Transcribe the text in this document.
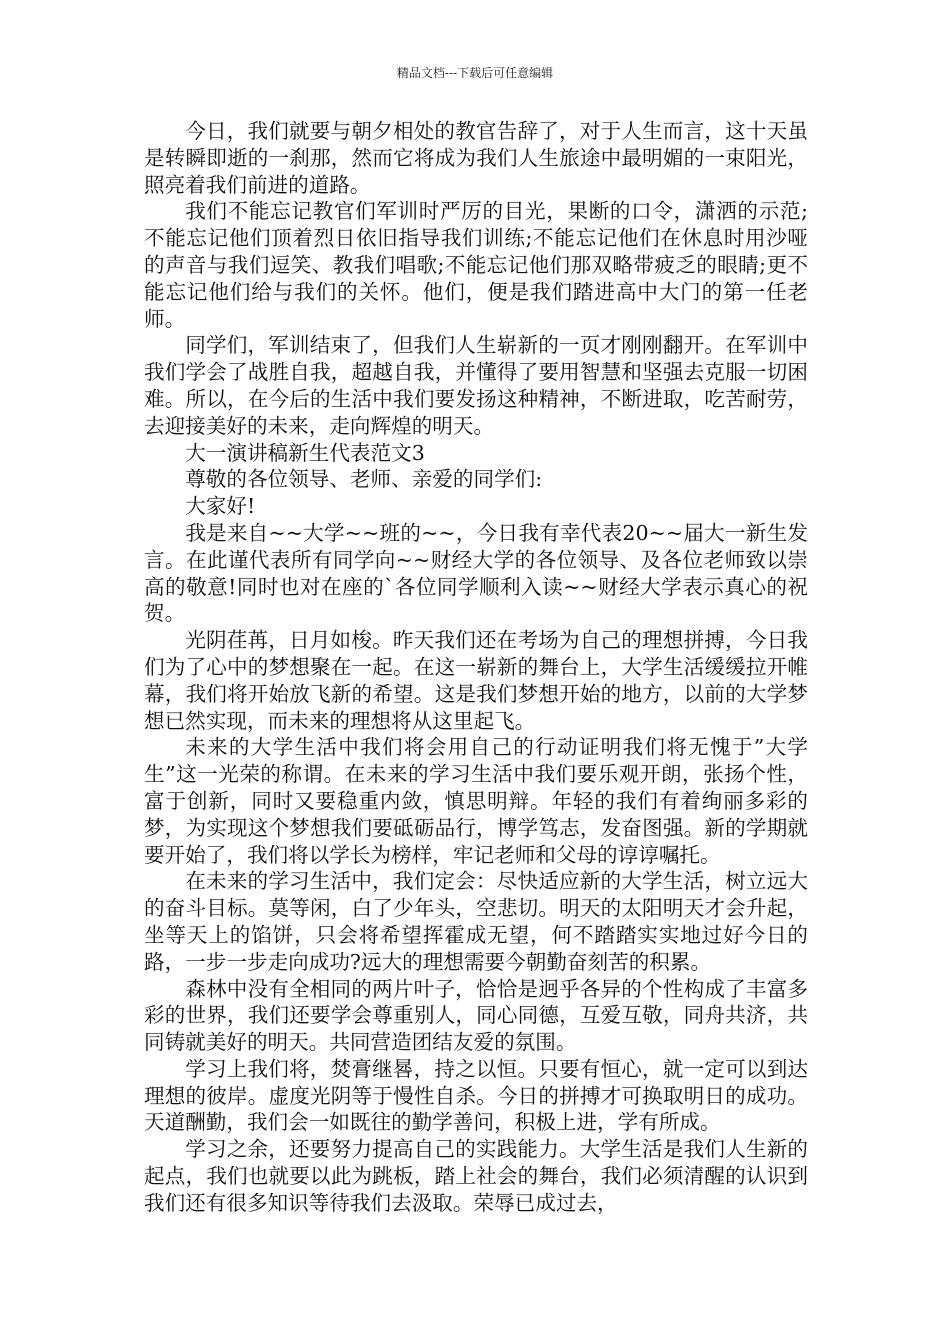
精品文档---下载后可任意编辑

今日，我们就要与朝夕相处的教官告辞了，对于人生而言，这十天虽是转瞬即逝的一刹那，然而它将成为我们人生旅途中最明媚的一束阳光，照亮着我们前进的道路。

我们不能忘记教官们军训时严厉的目光，果断的口令，潇洒的示范;不能忘记他们顶着烈日依旧指导我们训练;不能忘记他们在休息时用沙哑的声音与我们逗笑、教我们唱歌;不能忘记他们那双略带疲乏的眼睛;更不能忘记他们给与我们的关怀。他们，便是我们踏进高中大门的第一任老师。

同学们，军训结束了，但我们人生崭新的一页才刚刚翻开。在军训中我们学会了战胜自我，超越自我，并懂得了要用智慧和坚强去克服一切困难。所以，在今后的生活中我们要发扬这种精神，不断进取，吃苦耐劳，去迎接美好的未来，走向辉煌的明天。

大一演讲稿新生代表范文3

尊敬的各位领导、老师、亲爱的同学们:

大家好!

我是来自~~大学~~班的~~，今日我有幸代表20~~届大一新生发言。在此谨代表所有同学向~~财经大学的各位领导、及各位老师致以崇高的敬意!同时也对在座的`各位同学顺利入读~~财经大学表示真心的祝贺。

光阴荏苒，日月如梭。昨天我们还在考场为自己的理想拼搏，今日我们为了心中的梦想聚在一起。在这一崭新的舞台上，大学生活缓缓拉开帷幕，我们将开始放飞新的希望。这是我们梦想开始的地方，以前的大学梦想已然实现，而未来的理想将从这里起飞。

未来的大学生活中我们将会用自己的行动证明我们将无愧于”大学生”这一光荣的称谓。在未来的学习生活中我们要乐观开朗，张扬个性，富于创新，同时又要稳重内敛，慎思明辩。年轻的我们有着绚丽多彩的梦，为实现这个梦想我们要砥砺品行，博学笃志，发奋图强。新的学期就要开始了，我们将以学长为榜样，牢记老师和父母的谆谆嘱托。

在未来的学习生活中，我们定会：尽快适应新的大学生活，树立远大的奋斗目标。莫等闲，白了少年头，空悲切。明天的太阳明天才会升起，坐等天上的馅饼，只会将希望挥霍成无望，何不踏踏实实地过好今日的路，一步一步走向成功?远大的理想需要今朝勤奋刻苦的积累。

森林中没有全相同的两片叶子，恰恰是迥乎各异的个性构成了丰富多彩的世界，我们还要学会尊重别人，同心同德，互爱互敬，同舟共济，共同铸就美好的明天。共同营造团结友爱的氛围。

学习上我们将，焚膏继晷，持之以恒。只要有恒心，就一定可以到达理想的彼岸。虚度光阴等于慢性自杀。今日的拼搏才可换取明日的成功。天道酬勤，我们会一如既往的勤学善问，积极上进，学有所成。

学习之余，还要努力提高自己的实践能力。大学生活是我们人生新的起点，我们也就要以此为跳板，踏上社会的舞台，我们必须清醒的认识到我们还有很多知识等待我们去汲取。荣辱已成过去，
